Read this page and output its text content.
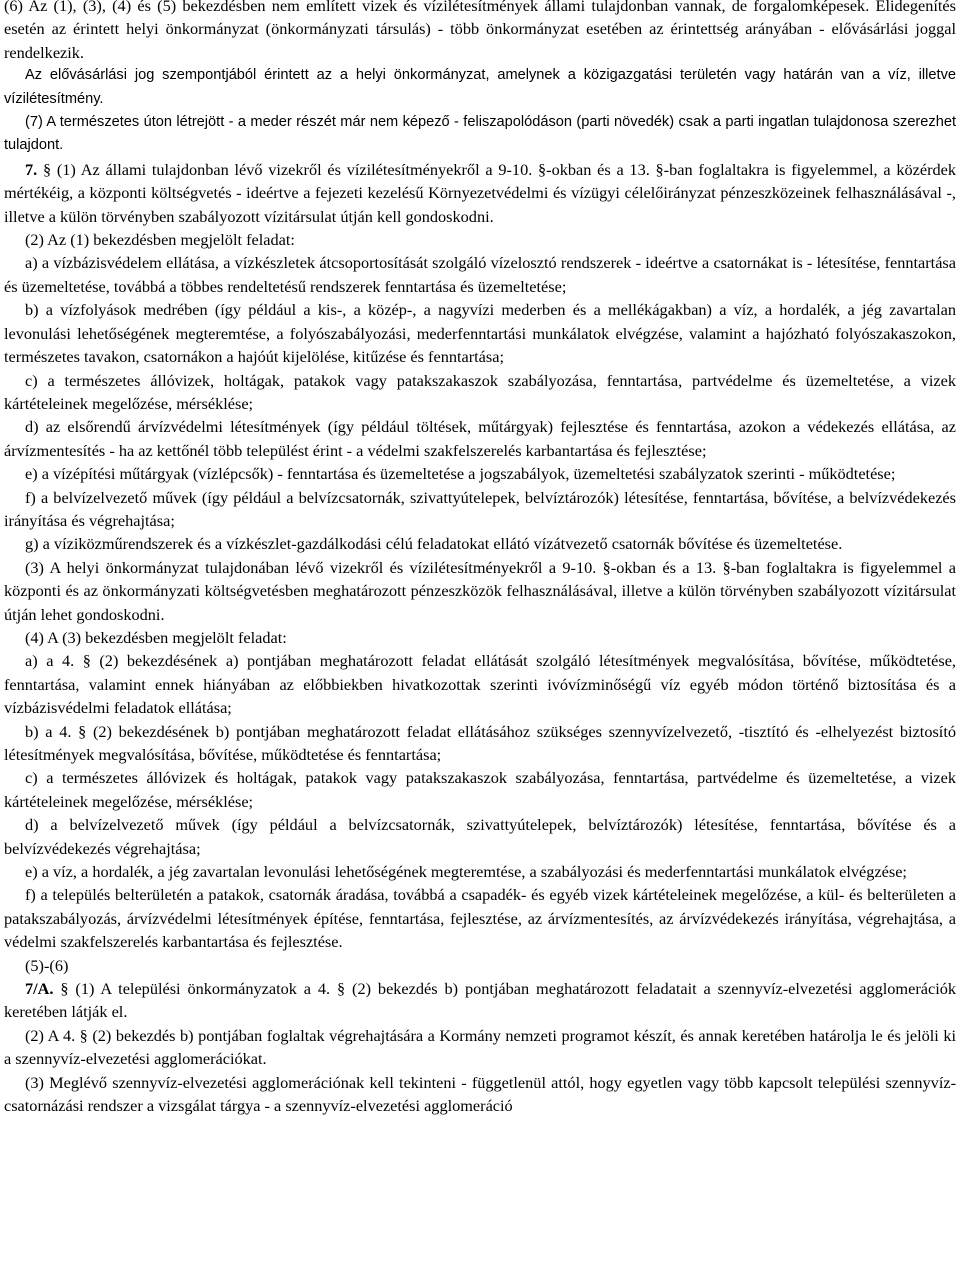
(6) Az (1), (3), (4) és (5) bekezdésben nem említett vizek és vízilétesítmények állami tulajdonban vannak, de forgalomképesek. Elidegenítés esetén az érintett helyi önkormányzat (önkormányzati társulás) - több önkormányzat esetében az érintettség arányában - elővásárlási joggal rendelkezik.

Az elővásárlási jog szempontjából érintett az a helyi önkormányzat, amelynek a közigazgatási területén vagy határán van a víz, illetve vízilétesítmény.

(7) A természetes úton létrejött - a meder részét már nem képező - feliszapolódáson (parti növedék) csak a parti ingatlan tulajdonosa szerezhet tulajdont.

7. § (1) Az állami tulajdonban lévő vizekről és vízilétesítményekről a 9-10. §-okban és a 13. §-ban foglaltakra is figyelemmel, a közérdek mértékéig, a központi költségvetés - ideértve a fejezeti kezelésű Környezetvédelmi és vízügyi célelőirányzat pénzeszközeinek felhasználásával -, illetve a külön törvényben szabályozott vízitársulat útján kell gondoskodni.

(2) Az (1) bekezdésben megjelölt feladat:

a) a vízbázisvédelem ellátása, a vízkészletek átcsoportosítását szolgáló vízelosztó rendszerek - ideértve a csatornákat is - létesítése, fenntartása és üzemeltetése, továbbá a többes rendeltetésű rendszerek fenntartása és üzemeltetése;

b) a vízfolyások medrében (így például a kis-, a közép-, a nagyvízi mederben és a mellékágakban) a víz, a hordalék, a jég zavartalan levonulási lehetőségének megteremtése, a folyószabályozási, mederfenntartási munkálatok elvégzése, valamint a hajózható folyószakaszokon, természetes tavakon, csatornákon a hajóút kijelölése, kitűzése és fenntartása;

c) a természetes állóvizek, holtágak, patakok vagy patakszakaszok szabályozása, fenntartása, partvédelme és üzemeltetése, a vizek kártételeinek megelőzése, mérséklése;

d) az elsőrendű árvízvédelmi létesítmények (így például töltések, műtárgyak) fejlesztése és fenntartása, azokon a védekezés ellátása, az árvízmentesítés - ha az kettőnél több települést érint - a védelmi szakfelszerelés karbantartása és fejlesztése;

e) a vízépítési műtárgyak (vízlépcsők) - fenntartása és üzemeltetése a jogszabályok, üzemeltetési szabályzatok szerinti - működtetése;

f) a belvízelvezető művek (így például a belvízcsatornák, szivattyútelepek, belvíztározók) létesítése, fenntartása, bővítése, a belvízvédekezés irányítása és végrehajtása;

g) a víziközműrendszerek és a vízkészlet-gazdálkodási célú feladatokat ellátó vízátvezető csatornák bővítése és üzemeltetése.

(3) A helyi önkormányzat tulajdonában lévő vizekről és vízilétesítményekről a 9-10. §-okban és a 13. §-ban foglaltakra is figyelemmel a központi és az önkormányzati költségvetésben meghatározott pénzeszközök felhasználásával, illetve a külön törvényben szabályozott vízitársulat útján lehet gondoskodni.

(4) A (3) bekezdésben megjelölt feladat:

a) a 4. § (2) bekezdésének a) pontjában meghatározott feladat ellátását szolgáló létesítmények megvalósítása, bővítése, működtetése, fenntartása, valamint ennek hiányában az előbbiekben hivatkozottak szerinti ivóvízminőségű víz egyéb módon történő biztosítása és a vízbázisvédelmi feladatok ellátása;

b) a 4. § (2) bekezdésének b) pontjában meghatározott feladat ellátásához szükséges szennyvízelvezető, -tisztító és -elhelyezést biztosító létesítmények megvalósítása, bővítése, működtetése és fenntartása;

c) a természetes állóvizek és holtágak, patakok vagy patakszakaszok szabályozása, fenntartása, partvédelme és üzemeltetése, a vizek kártételeinek megelőzése, mérséklése;

d) a belvízelvezető művek (így például a belvízcsatornák, szivattyútelepek, belvíztározók) létesítése, fenntartása, bővítése és a belvízvédekezés végrehajtása;

e) a víz, a hordalék, a jég zavartalan levonulási lehetőségének megteremtése, a szabályozási és mederfenntartási munkálatok elvégzése;

f) a település belterületén a patakok, csatornák áradása, továbbá a csapadék- és egyéb vizek kártételeinek megelőzése, a kül- és belterületen a patakszabályozás, árvízvédelmi létesítmények építése, fenntartása, fejlesztése, az árvízmentesítés, az árvízvédekezés irányítása, végrehajtása, a védelmi szakfelszerelés karbantartása és fejlesztése.

(5)-(6)

7/A. § (1) A települési önkormányzatok a 4. § (2) bekezdés b) pontjában meghatározott feladatait a szennyvíz-elvezetési agglomerációk keretében látják el.

(2) A 4. § (2) bekezdés b) pontjában foglaltak végrehajtására a Kormány nemzeti programot készít, és annak keretében határolja le és jelöli ki a szennyvíz-elvezetési agglomerációkat.

(3) Meglévő szennyvíz-elvezetési agglomerációnak kell tekinteni - függetlenül attól, hogy egyetlen vagy több kapcsolt települési szennyvíz-csatornázási rendszer a vizsgálat tárgya - a szennyvíz-elvezetési agglomeráció
